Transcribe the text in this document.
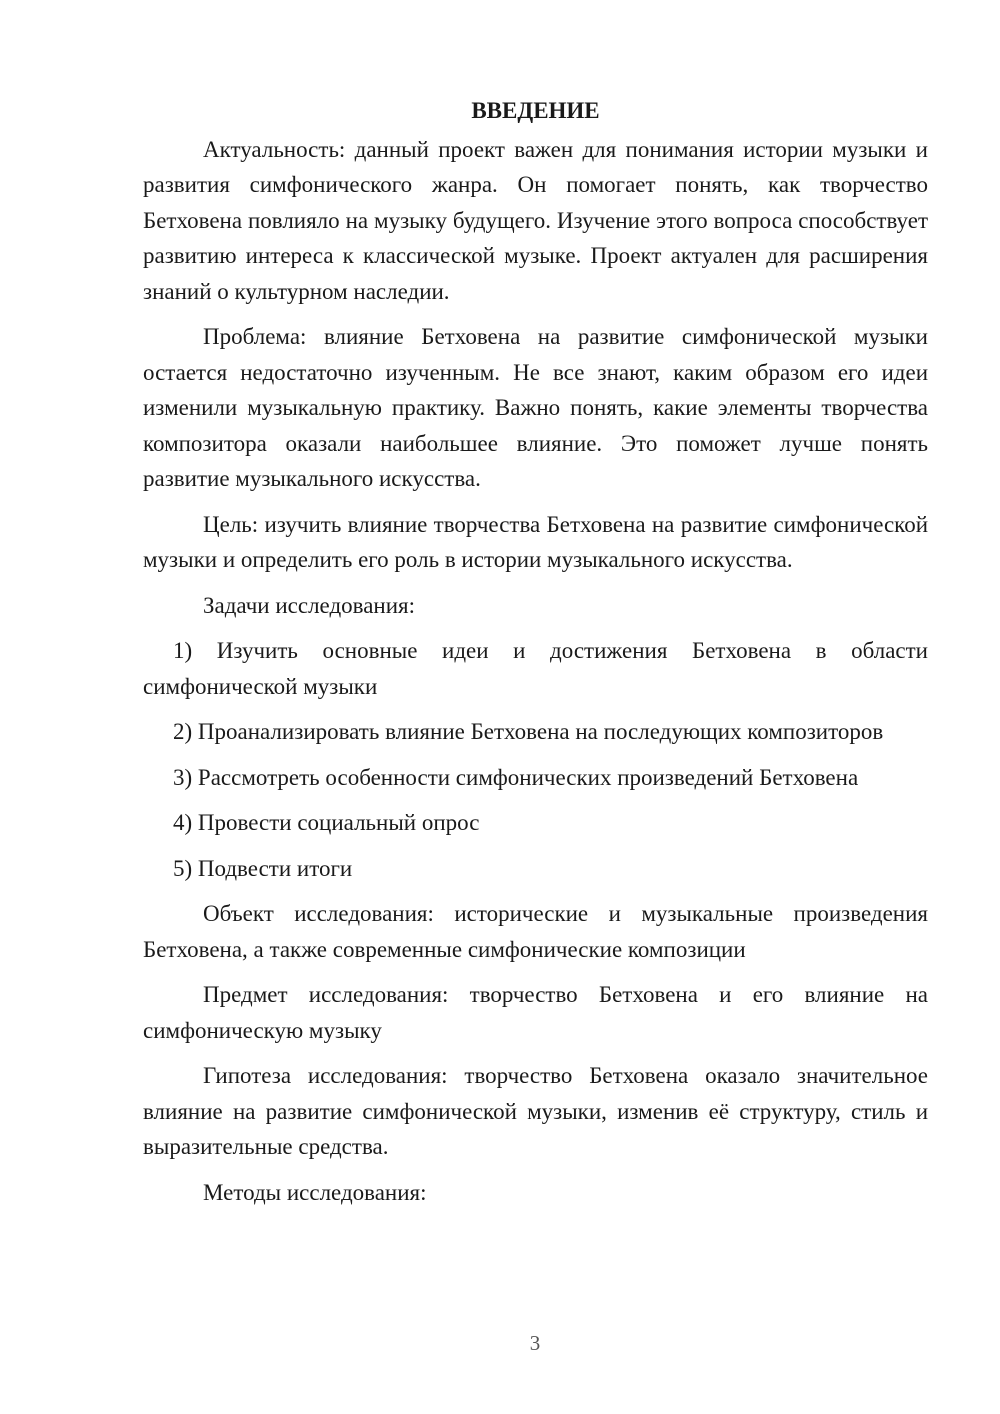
ВВЕДЕНИЕ

Актуальность: данный проект важен для понимания истории музыки и развития симфонического жанра. Он помогает понять, как творчество Бетховена повлияло на музыку будущего. Изучение этого вопроса способствует развитию интереса к классической музыке. Проект актуален для расширения знаний о культурном наследии.

Проблема: влияние Бетховена на развитие симфонической музыки остается недостаточно изученным. Не все знают, каким образом его идеи изменили музыкальную практику. Важно понять, какие элементы творчества композитора оказали наибольшее влияние. Это поможет лучше понять развитие музыкального искусства.

Цель: изучить влияние творчества Бетховена на развитие симфонической музыки и определить его роль в истории музыкального искусства.

Задачи исследования:

1) Изучить основные идеи и достижения Бетховена в области симфонической музыки

2) Проанализировать влияние Бетховена на последующих композиторов

3) Рассмотреть особенности симфонических произведений Бетховена

4) Провести социальный опрос

5) Подвести итоги

Объект исследования: исторические и музыкальные произведения Бетховена, а также современные симфонические композиции

Предмет исследования: творчество Бетховена и его влияние на симфоническую музыку

Гипотеза исследования: творчество Бетховена оказало значительное влияние на развитие симфонической музыки, изменив её структуру, стиль и выразительные средства.

Методы исследования:

3
